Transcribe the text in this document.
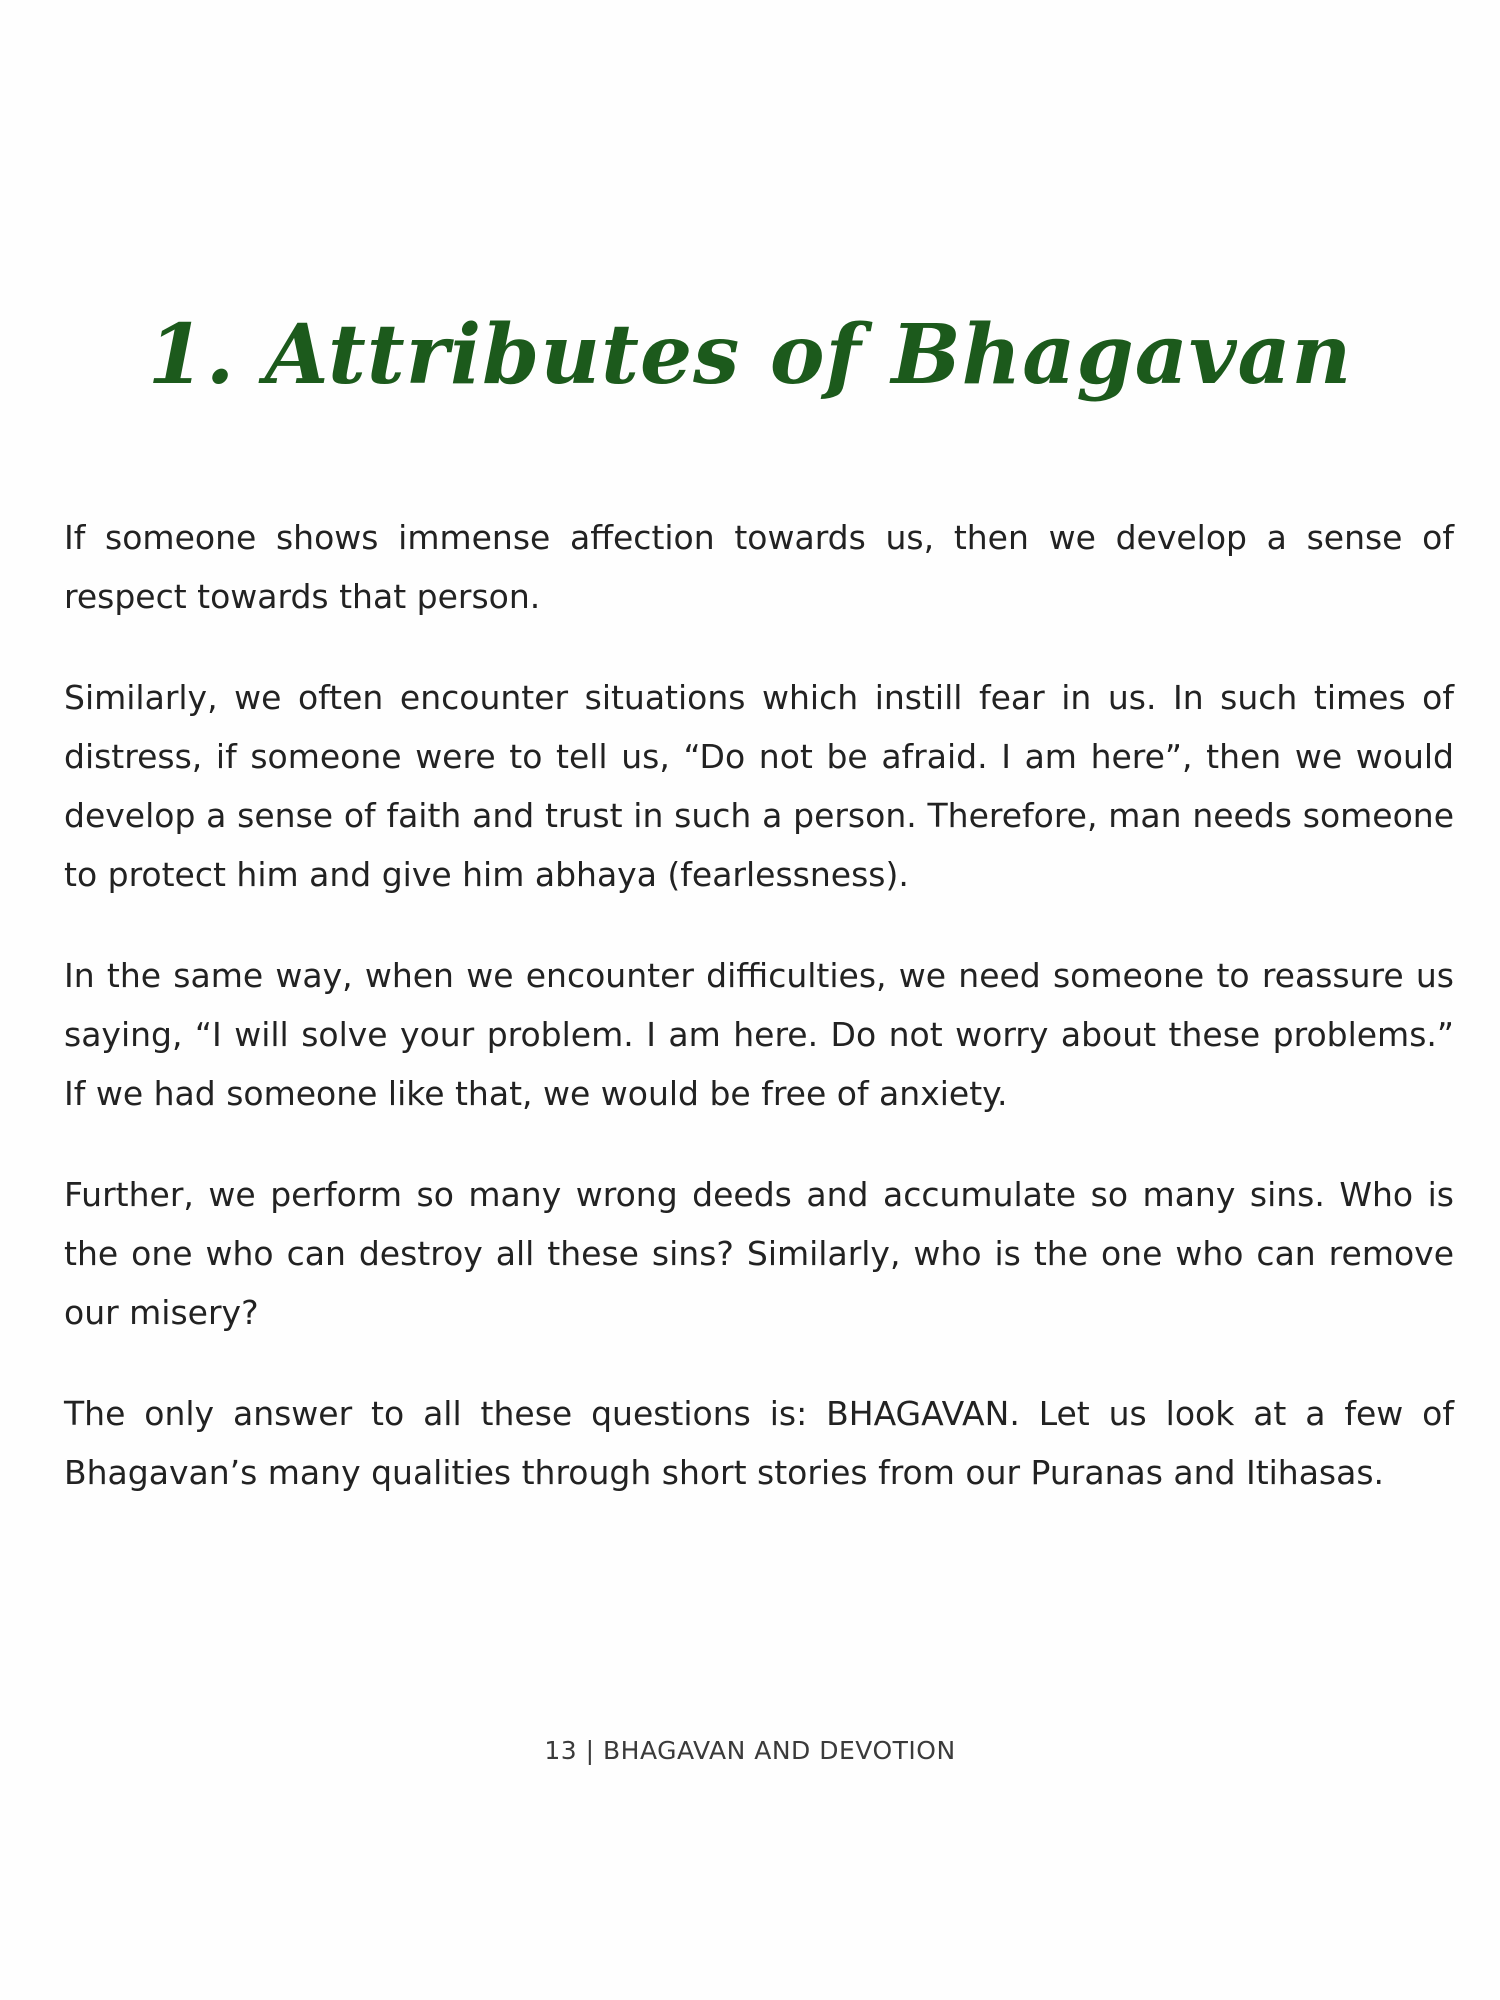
1. Attributes of Bhagavan

If someone shows immense affection towards us, then we develop a sense of respect towards that person.

Similarly, we often encounter situations which instill fear in us. In such times of distress, if someone were to tell us, “Do not be afraid. I am here”, then we would develop a sense of faith and trust in such a person. Therefore, man needs someone to protect him and give him abhaya (fearlessness).

In the same way, when we encounter difficulties, we need someone to reassure us saying, “I will solve your problem. I am here. Do not worry about these problems.” If we had someone like that, we would be free of anxiety.

Further, we perform so many wrong deeds and accumulate so many sins. Who is the one who can destroy all these sins? Similarly, who is the one who can remove our misery?

The only answer to all these questions is: BHAGAVAN. Let us look at a few of Bhagavan’s many qualities through short stories from our Puranas and Itihasas.

13 | BHAGAVAN AND DEVOTION
